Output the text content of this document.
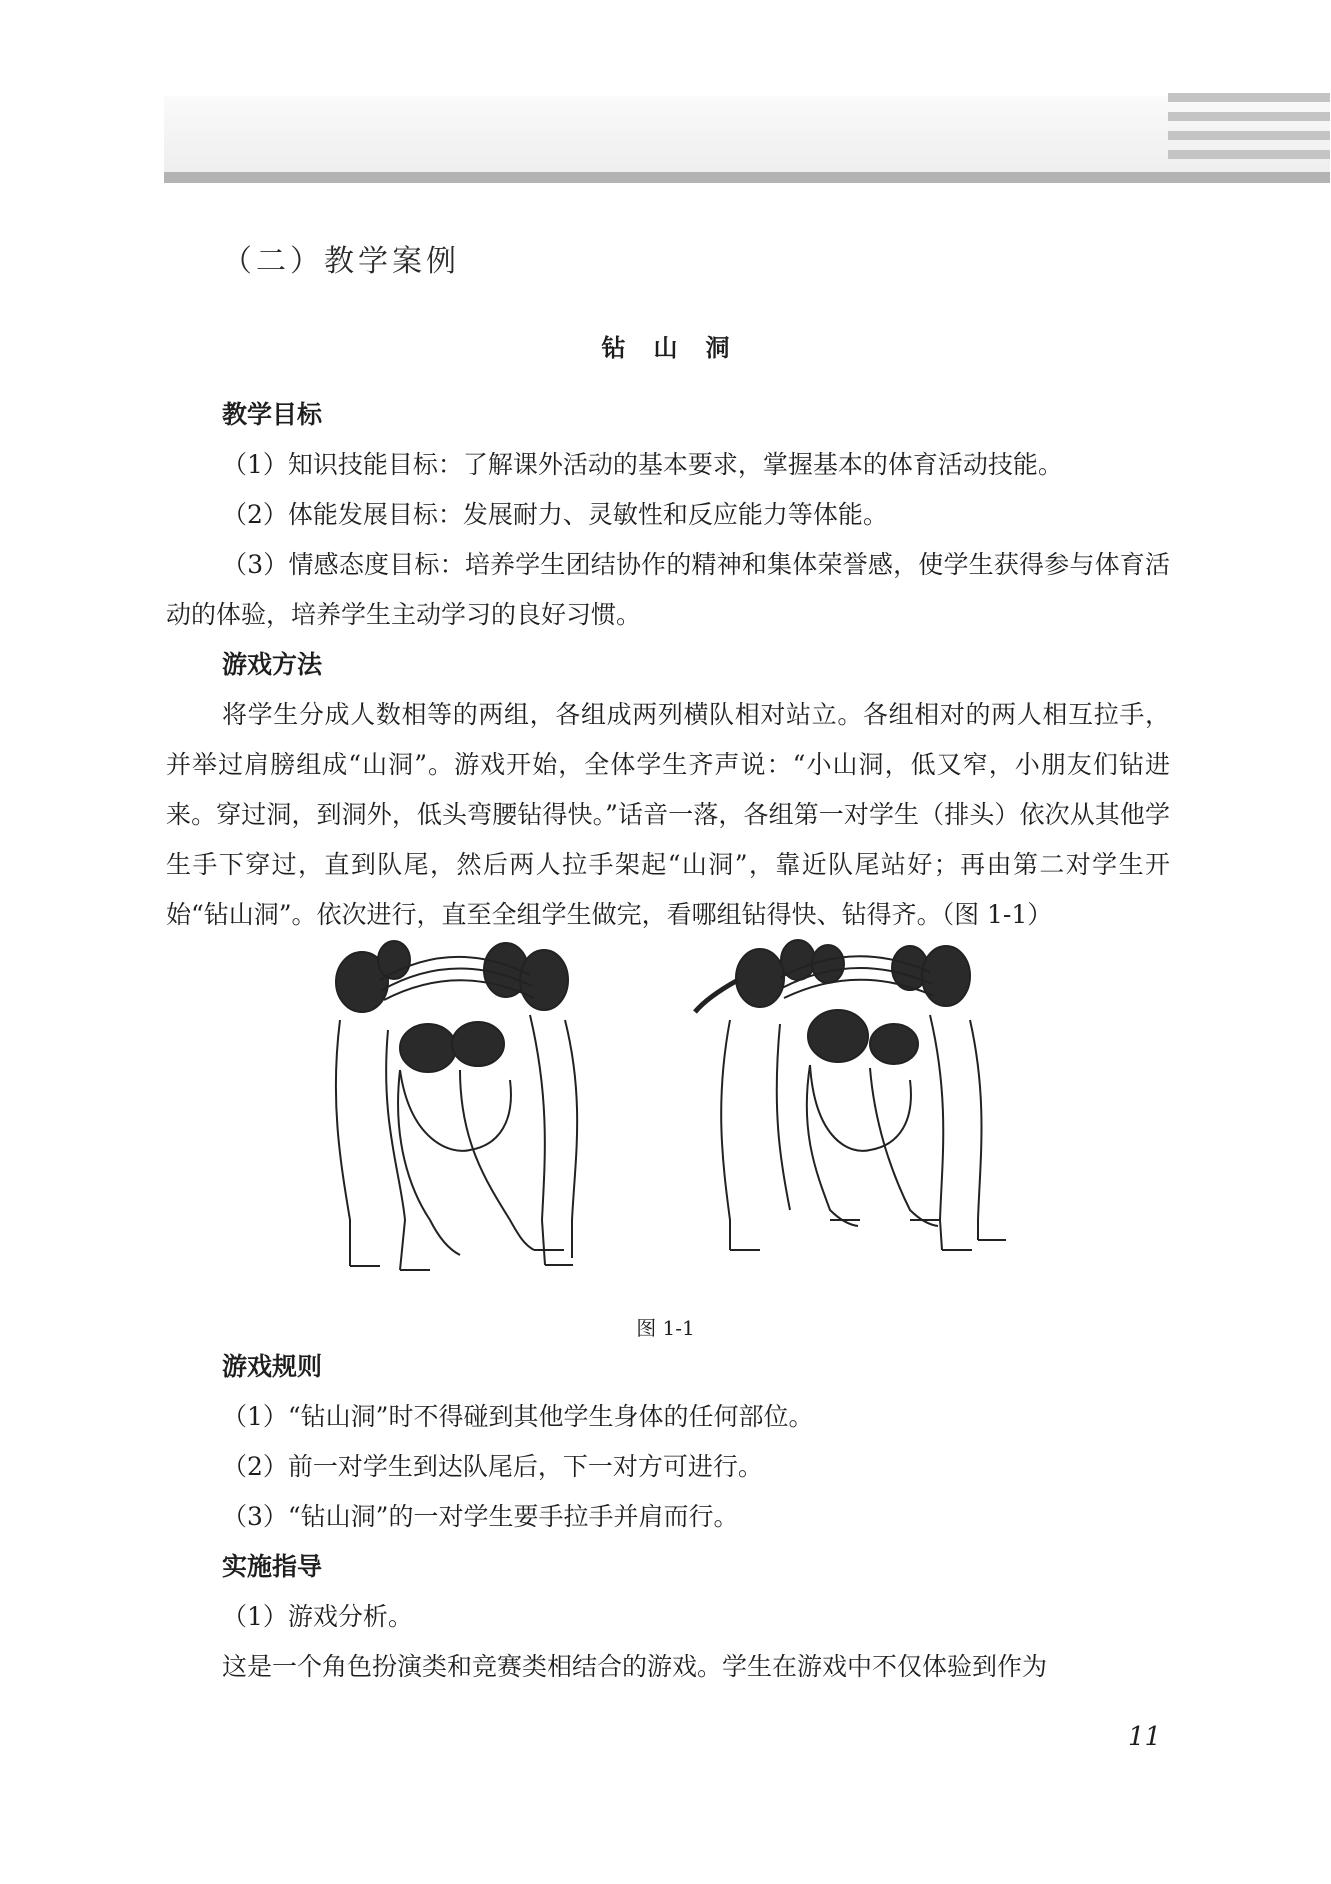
（二）教学案例
钻山洞
教学目标

（1）知识技能目标：了解课外活动的基本要求，掌握基本的体育活动技能。

（2）体能发展目标：发展耐力、灵敏性和反应能力等体能。

（3）情感态度目标：培养学生团结协作的精神和集体荣誉感，使学生获得参与体育活动的体验，培养学生主动学习的良好习惯。

游戏方法

将学生分成人数相等的两组，各组成两列横队相对站立。各组相对的两人相互拉手，并举过肩膀组成“山洞”。游戏开始，全体学生齐声说：“小山洞，低又窄，小朋友们钻进来。穿过洞，到洞外，低头弯腰钻得快。”话音一落，各组第一对学生（排头）依次从其他学生手下穿过，直到队尾，然后两人拉手架起“山洞”，靠近队尾站好；再由第二对学生开始“钻山洞”。依次进行，直至全组学生做完，看哪组钻得快、钻得齐。（图 1-1）

图 1-1

游戏规则

（1）“钻山洞”时不得碰到其他学生身体的任何部位。

（2）前一对学生到达队尾后，下一对方可进行。

（3）“钻山洞”的一对学生要手拉手并肩而行。

实施指导

（1）游戏分析。

这是一个角色扮演类和竞赛类相结合的游戏。学生在游戏中不仅体验到作为

11
